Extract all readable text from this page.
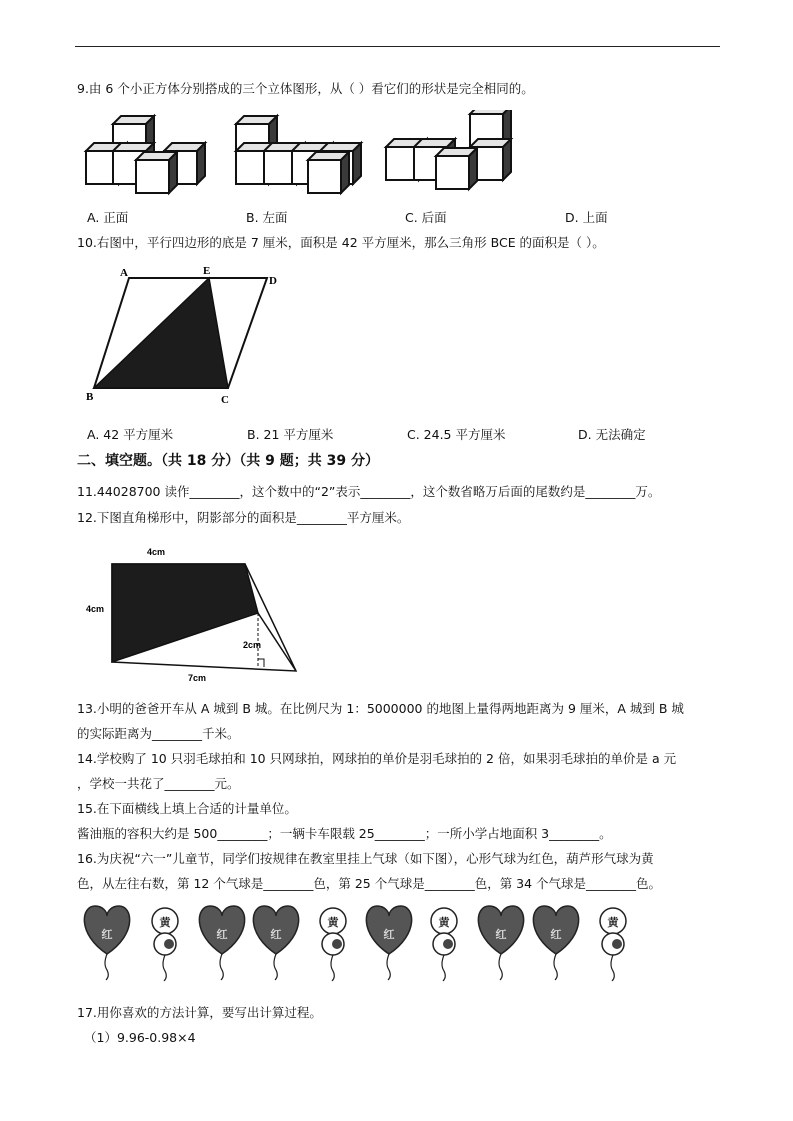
9.由 6 个小正方体分别搭成的三个立体图形，从（ ）看它们的形状是完全相同的。
A. 正面	B. 左面	C. 后面	D. 上面
10.右图中，平行四边形的底是 7 厘米，面积是 42 平方厘米，那么三角形 BCE 的面积是（ ）。
A	E
D
B	C
A. 42 平方厘米	B. 21 平方厘米	C. 24.5 平方厘米	D. 无法确定
二、填空题。（共 18 分）（共 9 题；共 39 分）
11.44028700 读作________，这个数中的“2”表示________，这个数省略万后面的尾数约是________万。
12.下图直角梯形中，阴影部分的面积是________平方厘米。
4cm
4cm
2cm
7cm
13.小明的爸爸开车从 A 城到 B 城。在比例尺为 1：5000000 的地图上量得两地距离为 9 厘米，A 城到 B 城
的实际距离为________千米。
14.学校购了 10 只羽毛球拍和 10 只网球拍，网球拍的单价是羽毛球拍的 2 倍，如果羽毛球拍的单价是 a 元
，学校一共花了________元。
15.在下面横线上填上合适的计量单位。
酱油瓶的容积大约是 500________；一辆卡车限载 25________；一所小学占地面积 3________。
16.为庆祝“六一”儿童节，同学们按规律在教室里挂上气球（如下图），心形气球为红色，葫芦形气球为黄
色，从左往右数，第 12 个气球是________色，第 25 个气球是________色，第 34 个气球是________色。
红
黄
红	红
黄
红
黄
红	红
黄
17.用你喜欢的方法计算，要写出计算过程。
（1）9.96-0.98×4
